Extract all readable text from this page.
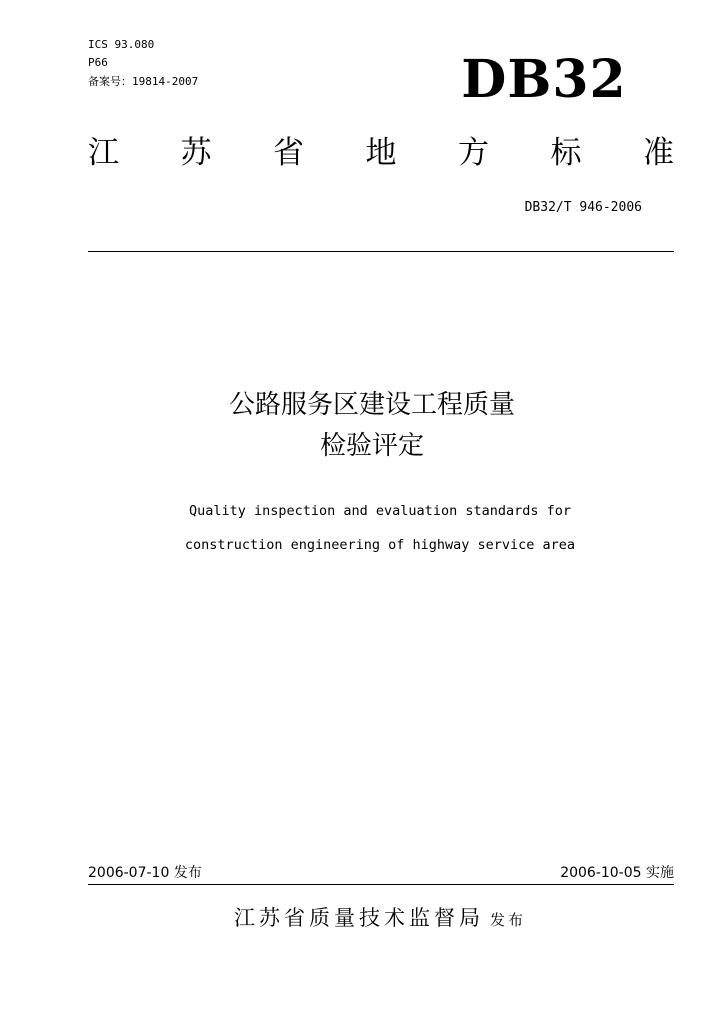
ICS 93.080
P66
备案号：19814-2007	DB32
江 苏 省 地 方 标 准
DB32/T 946-2006
公路服务区建设工程质量
检验评定
Quality inspection and evaluation standards for
construction engineering of highway service area
2006-07-10 发布	2006-10-05 实施
江苏省质量技术监督局 发布
